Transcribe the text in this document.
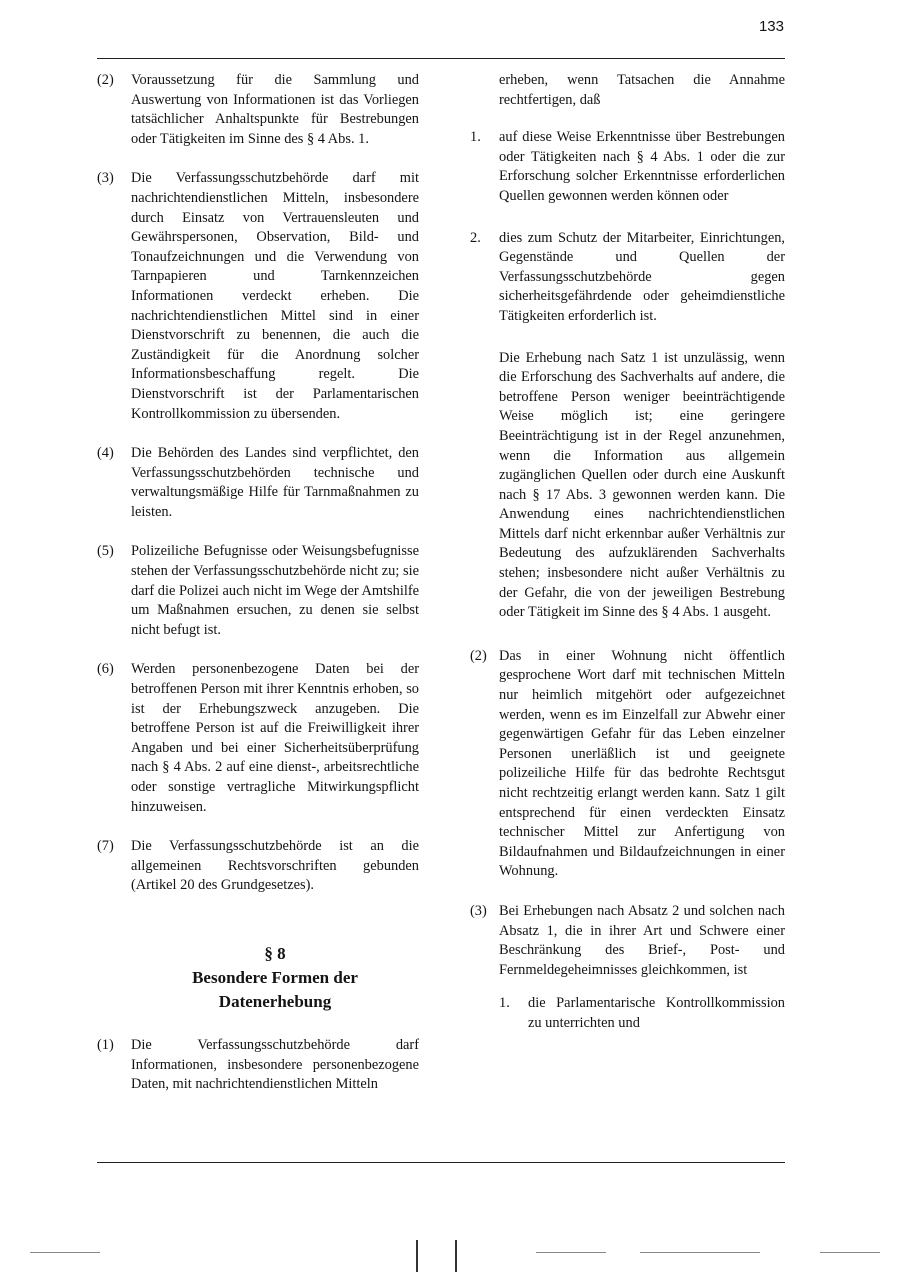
133
(2)	Voraussetzung für die Sammlung und Auswertung von Informationen ist das Vorliegen tatsächlicher Anhaltspunkte für Bestrebungen oder Tätigkeiten im Sinne des § 4 Abs. 1.
(3)	Die Verfassungsschutzbehörde darf mit nachrichtendienstlichen Mitteln, insbesondere durch Einsatz von Vertrauensleuten und Gewährspersonen, Observation, Bild- und Tonaufzeichnungen und die Verwendung von Tarnpapieren und Tarnkennzeichen Informationen verdeckt erheben. Die nachrichtendienstlichen Mittel sind in einer Dienstvorschrift zu benennen, die auch die Zuständigkeit für die Anordnung solcher Informationsbeschaffung regelt. Die Dienstvorschrift ist der Parlamentarischen Kontrollkommission zu übersenden.
(4)	Die Behörden des Landes sind verpflichtet, den Verfassungsschutzbehörden technische und verwaltungsmäßige Hilfe für Tarnmaßnahmen zu leisten.
(5)	Polizeiliche Befugnisse oder Weisungsbefugnisse stehen der Verfassungsschutzbehörde nicht zu; sie darf die Polizei auch nicht im Wege der Amtshilfe um Maßnahmen ersuchen, zu denen sie selbst nicht befugt ist.
(6)	Werden personenbezogene Daten bei der betroffenen Person mit ihrer Kenntnis erhoben, so ist der Erhebungszweck anzugeben. Die betroffene Person ist auf die Freiwilligkeit ihrer Angaben und bei einer Sicherheitsüberprüfung nach § 4 Abs. 2 auf eine dienst-, arbeitsrechtliche oder sonstige vertragliche Mitwirkungspflicht hinzuweisen.
(7)	Die Verfassungsschutzbehörde ist an die allgemeinen Rechtsvorschriften gebunden (Artikel 20 des Grundgesetzes).
§ 8
Besondere Formen der Datenerhebung
(1)	Die Verfassungsschutzbehörde darf Informationen, insbesondere personenbezogene Daten, mit nachrichtendienstlichen Mitteln
erheben, wenn Tatsachen die Annahme rechtfertigen, daß
1.	auf diese Weise Erkenntnisse über Bestrebungen oder Tätigkeiten nach § 4 Abs. 1 oder die zur Erforschung solcher Erkenntnisse erforderlichen Quellen gewonnen werden können oder
2.	dies zum Schutz der Mitarbeiter, Einrichtungen, Gegenstände und Quellen der Verfassungsschutzbehörde gegen sicherheitsgefährdende oder geheimdienstliche Tätigkeiten erforderlich ist.
Die Erhebung nach Satz 1 ist unzulässig, wenn die Erforschung des Sachverhalts auf andere, die betroffene Person weniger beeinträchtigende Weise möglich ist; eine geringere Beeinträchtigung ist in der Regel anzunehmen, wenn die Information aus allgemein zugänglichen Quellen oder durch eine Auskunft nach § 17 Abs. 3 gewonnen werden kann. Die Anwendung eines nachrichtendienstlichen Mittels darf nicht erkennbar außer Verhältnis zur Bedeutung des aufzuklärenden Sachverhalts stehen; insbesondere nicht außer Verhältnis zu der Gefahr, die von der jeweiligen Bestrebung oder Tätigkeit im Sinne des § 4 Abs. 1 ausgeht.
(2) Das in einer Wohnung nicht öffentlich gesprochene Wort darf mit technischen Mitteln nur heimlich mitgehört oder aufgezeichnet werden, wenn es im Einzelfall zur Abwehr einer gegenwärtigen Gefahr für das Leben einzelner Personen unerläßlich ist und geeignete polizeiliche Hilfe für das bedrohte Rechtsgut nicht rechtzeitig erlangt werden kann. Satz 1 gilt entsprechend für einen verdeckten Einsatz technischer Mittel zur Anfertigung von Bildaufnahmen und Bildaufzeichnungen in einer Wohnung.
(3) Bei Erhebungen nach Absatz 2 und solchen nach Absatz 1, die in ihrer Art und Schwere einer Beschränkung des Brief-, Post- und Fernmeldegeheimnisses gleichkommen, ist
1.	die Parlamentarische Kontrollkommission zu unterrichten und
